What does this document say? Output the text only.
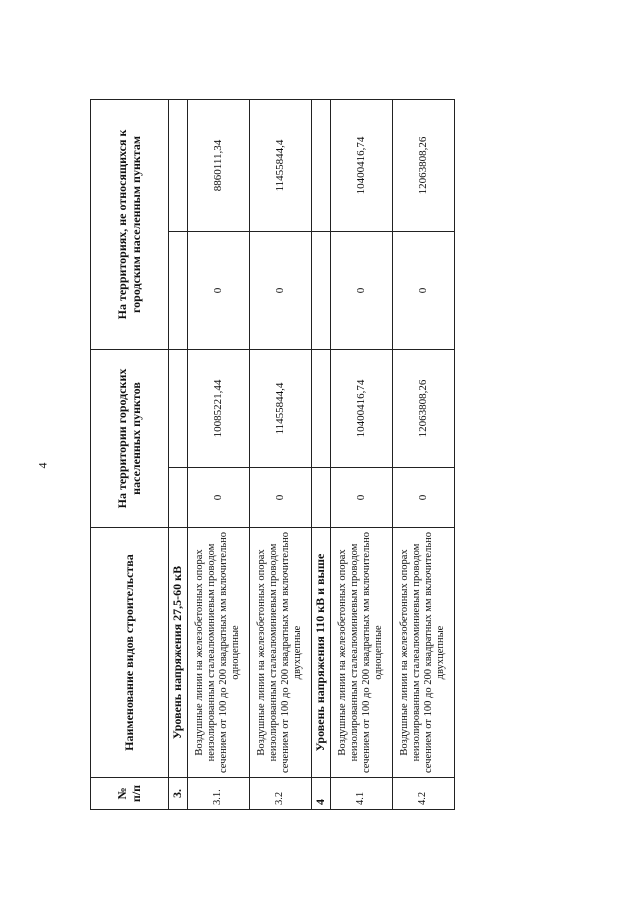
4
№ п/п	Наименование видов строительства	На территории городских населенных пунктов		На территориях, не относящихся к городским населенным пунктам	
3.	Уровень напряжения 27,5-60 кВ				
3.1.	Воздушные линии на железобетонных опорах неизолированным сталеалюминиевым проводом сечением от 100 до 200 квадратных мм включительно одноцепные	0	10085221,44	0	8860111,34
3.2	Воздушные линии на железобетонных опорах неизолированным сталеалюминиевым проводом сечением от 100 до 200 квадратных мм включительно двухцепные	0	11455844,4	0	11455844,4
4	Уровень напряжения 110 кВ и выше				
4.1	Воздушные линии на железобетонных опорах неизолированным сталеалюминиевым проводом сечением от 100 до 200 квадратных мм включительно одноцепные	0	10400416,74	0	10400416,74
4.2	Воздушные линии на железобетонных опорах неизолированным сталеалюминиевым проводом сечением от 100 до 200 квадратных мм включительно двухцепные	0	12063808,26	0	12063808,26
